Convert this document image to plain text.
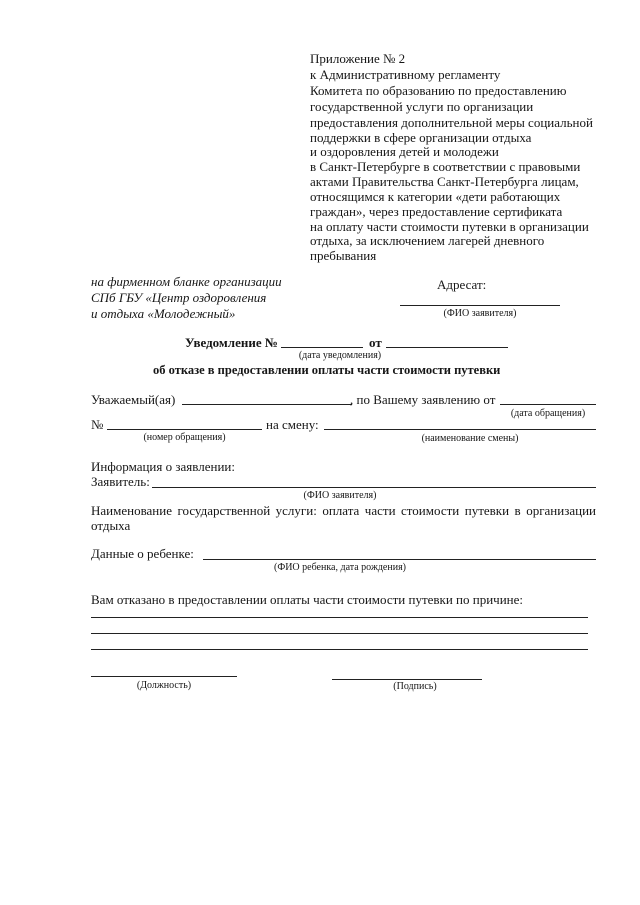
Приложение № 2
к Административному регламенту
Комитета по образованию по предоставлению
государственной услуги по организации
предоставления дополнительной меры социальной
поддержки в сфере организации отдыха
и оздоровления детей и молодежи
в Санкт-Петербурге в соответствии с правовыми
актами Правительства Санкт-Петербурга лицам,
относящимся к категории «дети работающих
граждан», через предоставление сертификата
на оплату части стоимости путевки в организации
отдыха, за исключением лагерей дневного
пребывания
на фирменном бланке организации
СПб ГБУ «Центр оздоровления
и отдыха «Молодежный»
Адресат:
(ФИО заявителя)
Уведомление №	от
(дата уведомления)
об отказе в предоставлении оплаты части стоимости путевки
Уважаемый(ая)	, по Вашему заявлению от
(дата обращения)
№
(номер обращения)
на смену:
(наименование смены)
Информация о заявлении:
Заявитель:
(ФИО заявителя)
Наименование государственной услуги: оплата части стоимости путевки в организации
отдыха
Данные о ребенке:
(ФИО ребенка, дата рождения)
Вам отказано в предоставлении оплаты части стоимости путевки по причине:
(Должность)	(Подпись)
